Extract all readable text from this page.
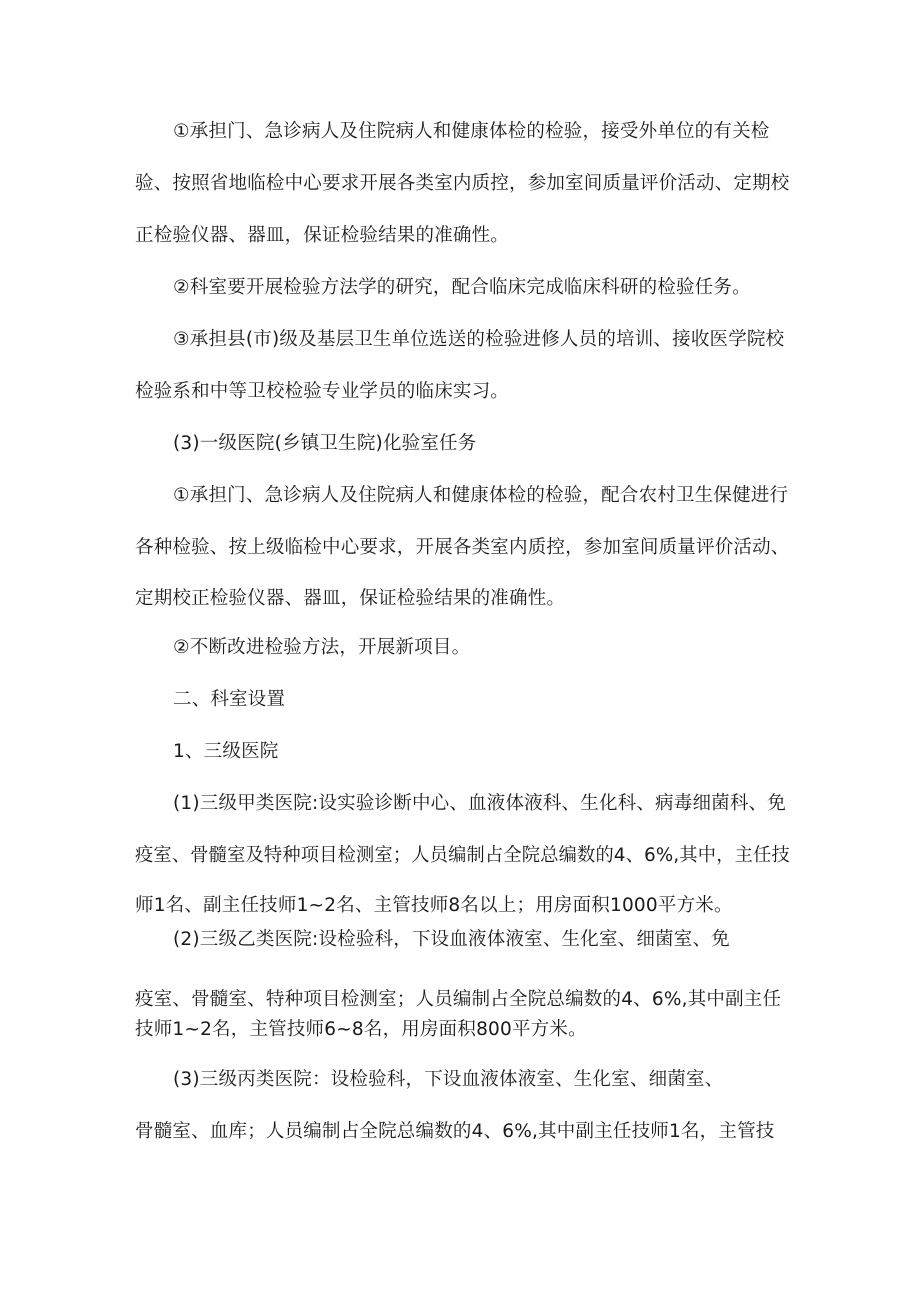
①承担门、急诊病人及住院病人和健康体检的检验，接受外单位的有关检
验、按照省地临检中心要求开展各类室内质控，参加室间质量评价活动、定期校
正检验仪器、器皿，保证检验结果的准确性。
②科室要开展检验方法学的研究，配合临床完成临床科研的检验任务。
③承担县(市)级及基层卫生单位选送的检验进修人员的培训、接收医学院校
检验系和中等卫校检验专业学员的临床实习。
(3)一级医院(乡镇卫生院)化验室任务
①承担门、急诊病人及住院病人和健康体检的检验，配合农村卫生保健进行
各种检验、按上级临检中心要求，开展各类室内质控，参加室间质量评价活动、
定期校正检验仪器、器皿，保证检验结果的准确性。
②不断改进检验方法，开展新项目。
二、科室设置
1、三级医院
(1)三级甲类医院:设实验诊断中心、血液体液科、生化科、病毒细菌科、免
疫室、骨髓室及特种项目检测室；人员编制占全院总编数的4、6%,其中，主任技
师1名、副主任技师1~2名、主管技师8名以上；用房面积1000平方米。
(2)三级乙类医院:设检验科，下设血液体液室、生化室、细菌室、免
疫室、骨髓室、特种项目检测室；人员编制占全院总编数的4、6%,其中副主任
技师1~2名，主管技师6~8名，用房面积800平方米。
(3)三级丙类医院：设检验科，下设血液体液室、生化室、细菌室、
骨髓室、血库；人员编制占全院总编数的4、6%,其中副主任技师1名，主管技
